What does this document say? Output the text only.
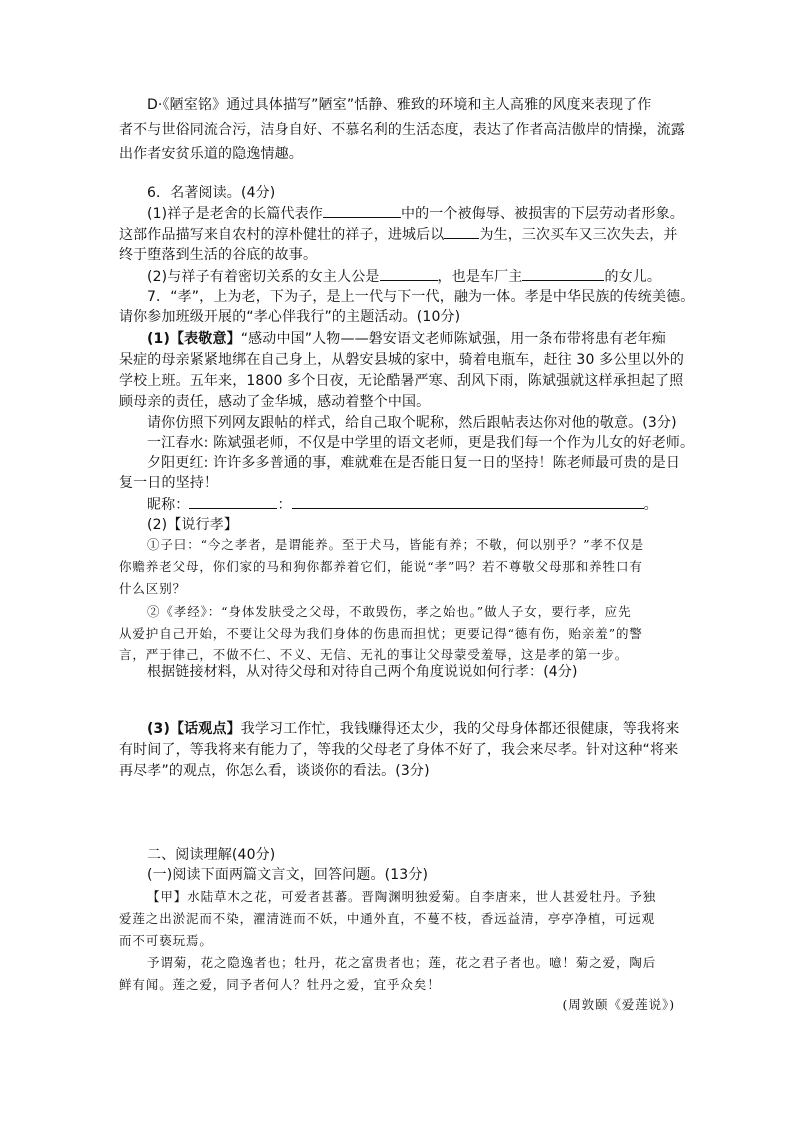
D·《陋室铭》通过具体描写”陋室”恬静、雅致的环境和主人高雅的风度来表现了作
者不与世俗同流合污，洁身自好、不慕名利的生活态度，表达了作者高洁傲岸的情操，流露
出作者安贫乐道的隐逸情趣。
6．名著阅读。(4分)
(1)祥子是老舍的长篇代表作	中的一个被侮辱、被损害的下层劳动者形象。
这部作品描写来自农村的淳朴健壮的祥子，进城后以	为生，三次买车又三次失去，并
终于堕落到生活的谷底的故事。
(2)与祥子有着密切关系的女主人公是	，也是车厂主	的女儿。
7．“孝”，上为老，下为子，是上一代与下一代，融为一体。孝是中华民族的传统美德。
请你参加班级开展的“孝心伴我行”的主题活动。(10分)
(1)【表敬意】“感动中国”人物——磐安语文老师陈斌强，用一条布带将患有老年痴
呆症的母亲紧紧地绑在自己身上，从磐安县城的家中，骑着电瓶车，赶往 30 多公里以外的
学校上班。五年来，1800 多个日夜，无论酷暑严寒、刮风下雨，陈斌强就这样承担起了照
顾母亲的责任，感动了金华城，感动着整个中国。
请你仿照下列网友跟帖的样式，给自己取个昵称，然后跟帖表达你对他的敬意。(3分)
一江春水: 陈斌强老师，不仅是中学里的语文老师，更是我们每一个作为儿女的好老师。
夕阳更红: 许许多多普通的事，难就难在是否能日复一日的坚持！陈老师最可贵的是日
复一日的坚持！
昵称：	：	。
(2)【说行孝】
①子曰：“今之孝者，是谓能养。至于犬马，皆能有养；不敬，何以别乎？”孝不仅是
你赡养老父母，你们家的马和狗你都养着它们，能说“孝”吗？若不尊敬父母那和养牲口有
什么区别？
②《孝经》：“身体发肤受之父母，不敢毁伤，孝之始也。”做人子女，要行孝，应先
从爱护自己开始，不要让父母为我们身体的伤患而担忧；更要记得“德有伤，贻亲羞”的警
言，严于律己，不做不仁、不义、无信、无礼的事让父母蒙受羞辱，这是孝的第一步。
根据链接材料，从对待父母和对待自己两个角度说说如何行孝：(4分)
(3)【话观点】我学习工作忙，我钱赚得还太少，我的父母身体都还很健康，等我将来
有时间了，等我将来有能力了，等我的父母老了身体不好了，我会来尽孝。针对这种“将来
再尽孝”的观点，你怎么看，谈谈你的看法。(3分)
二、阅读理解(40分)
(一)阅读下面两篇文言文，回答问题。(13分)
【甲】水陆草木之花，可爱者甚蕃。晋陶渊明独爱菊。自李唐来，世人甚爱牡丹。予独
爱莲之出淤泥而不染，濯清涟而不妖，中通外直，不蔓不枝，香远益清，亭亭净植，可远观
而不可亵玩焉。
予谓菊，花之隐逸者也；牡丹，花之富贵者也；莲，花之君子者也。噫！菊之爱，陶后
鲜有闻。莲之爱，同予者何人？牡丹之爱，宜乎众矣！
(周敦颐《爱莲说》)
